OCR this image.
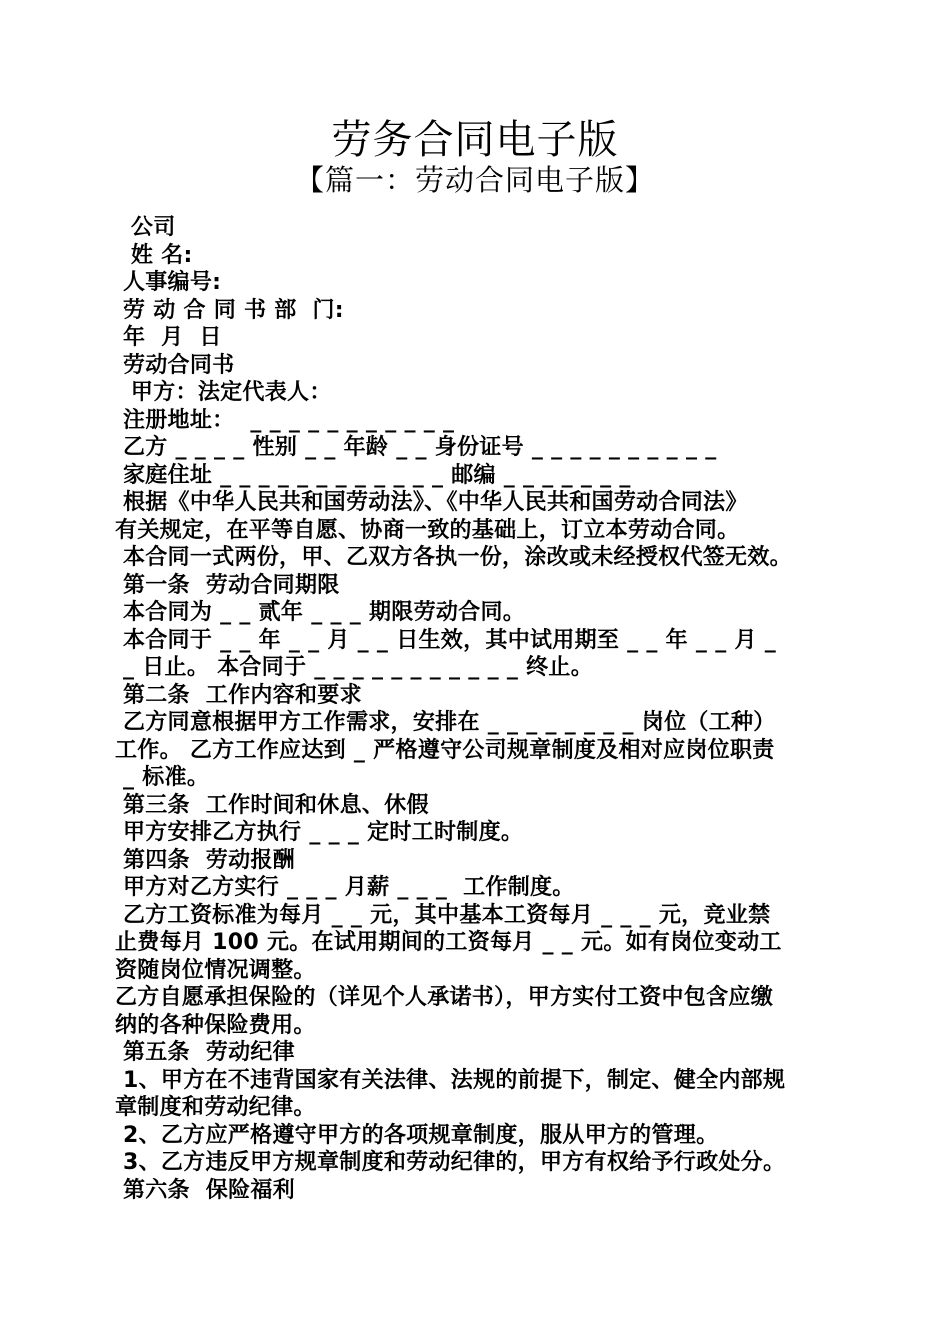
劳务合同电子版
【篇一：劳动合同电子版】
公司
姓 名:
人事编号:
劳 动 合 同 书 部  门:
年  月  日
劳动合同书
甲方：法定代表人：
注册地址：  _ _ _ _ _ _ _ _ _ _ _
乙方 _ _ _ _ 性别 _ _ 年龄 _ _ 身份证号 _ _ _ _ _ _ _ _ _ _
家庭住址 _ _ _ _ _ _ _ _ _ _ _ _ 邮编 _ _ _ _ _ _ _
根据《中华人民共和国劳动法》、《中华人民共和国劳动合同法》
有关规定，在平等自愿、协商一致的基础上，订立本劳动合同。
本合同一式两份，甲、乙双方各执一份，涂改或未经授权代签无效。
第一条  劳动合同期限
本合同为 _ _ 贰年 _ _ _ 期限劳动合同。
本合同于 _ _ 年 _ _ 月 _ _ 日生效，其中试用期至 _ _ 年 _ _ 月 _
_ 日止。 本合同于 _ _ _ _ _ _ _ _ _ _ _ 终止。
第二条  工作内容和要求
乙方同意根据甲方工作需求，安排在 _ _ _ _ _ _ _ _ 岗位（工种）
工作。 乙方工作应达到 _ 严格遵守公司规章制度及相对应岗位职责
_ 标准。
第三条  工作时间和休息、休假
甲方安排乙方执行 _ _ _ 定时工时制度。
第四条  劳动报酬
甲方对乙方实行 _ _ _ 月薪 _ _ _  工作制度。
乙方工资标准为每月 _ _ 元，其中基本工资每月 _ _ _ 元，竞业禁
止费每月 100 元。在试用期间的工资每月 _ _ 元。如有岗位变动工
资随岗位情况调整。
乙方自愿承担保险的（详见个人承诺书），甲方实付工资中包含应缴
纳的各种保险费用。
第五条  劳动纪律
1、甲方在不违背国家有关法律、法规的前提下，制定、健全内部规
章制度和劳动纪律。
2、乙方应严格遵守甲方的各项规章制度，服从甲方的管理。
3、乙方违反甲方规章制度和劳动纪律的，甲方有权给予行政处分。
第六条  保险福利
